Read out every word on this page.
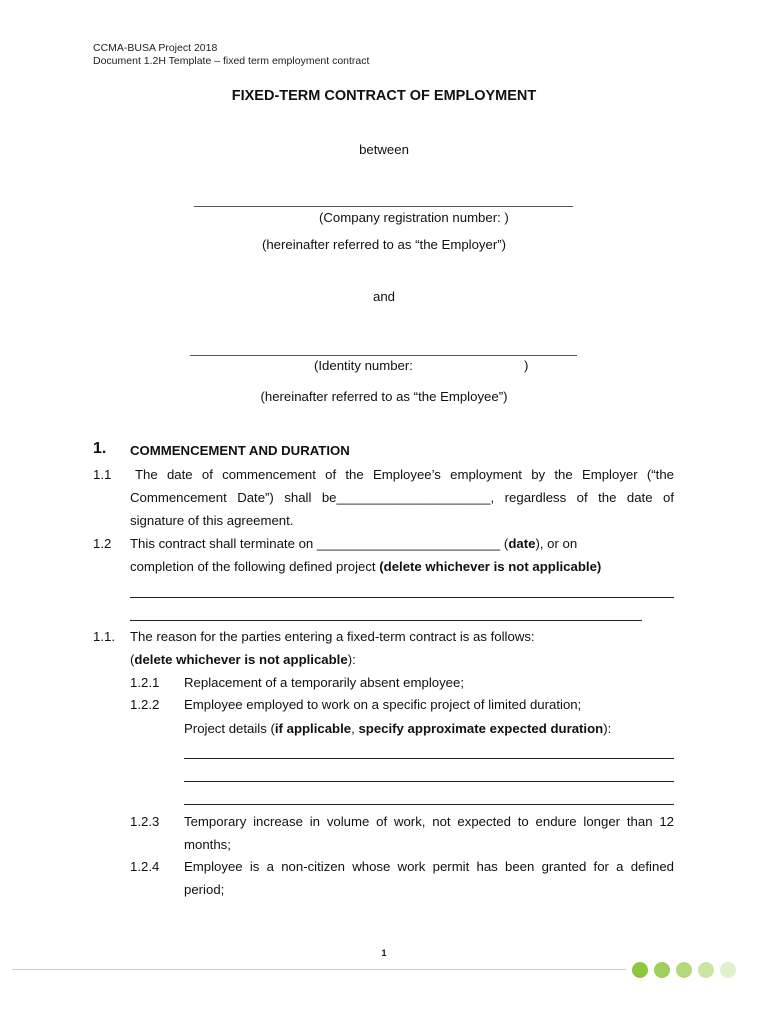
CCMA-BUSA Project 2018
Document 1.2H Template – fixed term employment contract
FIXED-TERM CONTRACT OF EMPLOYMENT
between
(Company registration number: )
(hereinafter referred to as “the Employer”)
and
(Identity number:	)
(hereinafter referred to as “the Employee”)
1. COMMENCEMENT AND DURATION
1.1 The date of commencement of the Employee’s employment by the Employer (“the
Commencement Date”) shall be_____________________, regardless of the date of
signature of this agreement.
1.2 This contract shall terminate on _________________________ (date), or on
completion of the following defined project (delete whichever is not applicable)
1.1. The reason for the parties entering a fixed-term contract is as follows:
(delete whichever is not applicable):
1.2.1 Replacement of a temporarily absent employee;
1.2.2 Employee employed to work on a specific project of limited duration;
Project details (if applicable, specify approximate expected duration):
1.2.3 Temporary increase in volume of work, not expected to endure longer than 12
months;
1.2.4 Employee is a non-citizen whose work permit has been granted for a defined
period;
1
